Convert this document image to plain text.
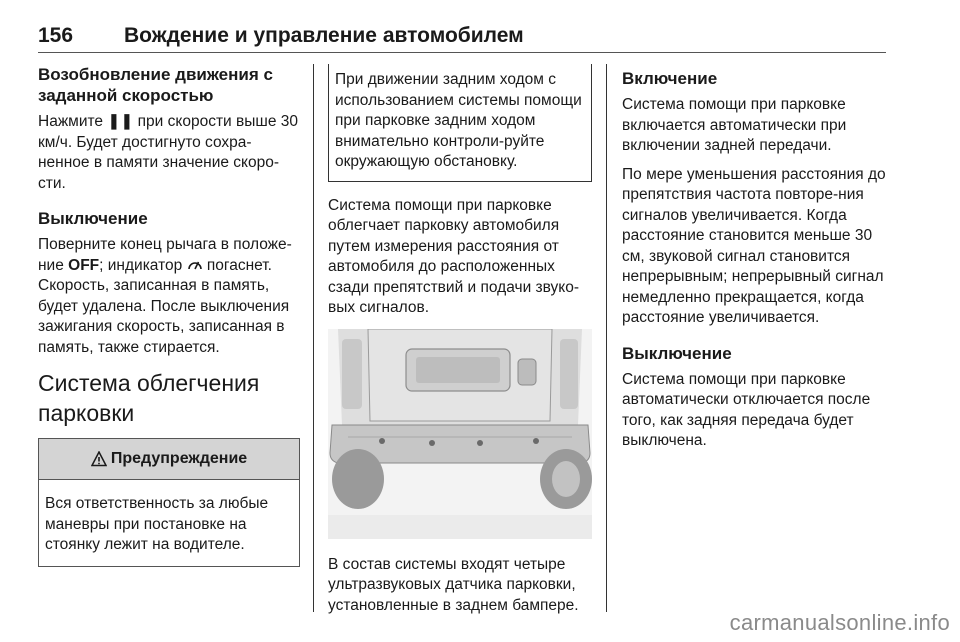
156 Вождение и управление автомобилем
Возобновление движения с заданной скоростью
Нажмите ❚❚ при скорости выше 30 км/ч. Будет достигнуто сохра-ненное в памяти значение скоро-сти.
Выключение
Поверните конец рычага в положе-ние OFF; индикатор  погаснет. Скорость, записанная в память, будет удалена. После выключения зажигания скорость, записанная в память, также стирается.
Система облегчения парковки
Предупреждение
Вся ответственность за любые маневры при постановке на стоянку лежит на водителе.
При движении задним ходом с использованием системы помощи при парковке задним ходом внимательно контроли-руйте окружающую обстановку.
Система помощи при парковке облегчает парковку автомобиля путем измерения расстояния от автомобиля до расположенных сзади препятствий и подачи звуко-вых сигналов.
В состав системы входят четыре ультразвуковых датчика парковки, установленные в заднем бампере.
Включение
Система помощи при парковке включается автоматически при включении задней передачи.
По мере уменьшения расстояния до препятствия частота повторе-ния сигналов увеличивается. Когда расстояние становится меньше 30 см, звуковой сигнал становится непрерывным; непрерывный сигнал немедленно прекращается, когда расстояние увеличивается.
Выключение
Система помощи при парковке автоматически отключается после того, как задняя передача будет выключена.
carmanualsonline.info
